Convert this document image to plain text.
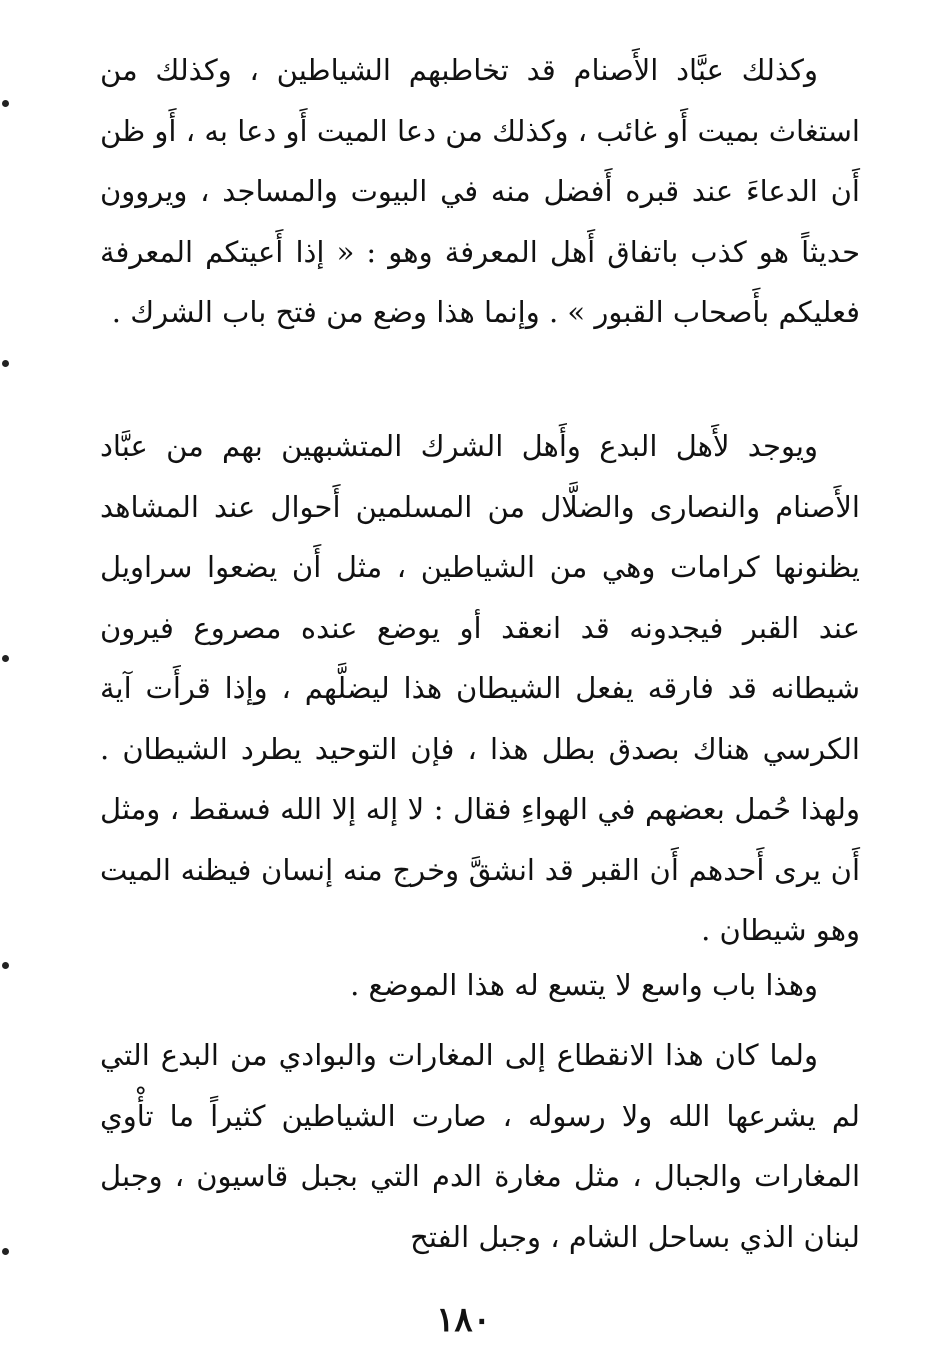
وكذلك عبَّاد الأَصنام قد تخاطبهم الشياطين ، وكذلك من استغاث بميت أَو غائب ، وكذلك من دعا الميت أَو دعا به ، أَو ظن أَن الدعاءَ عند قبره أَفضل منه في البيوت والمساجد ، ويروون حديثاً هو كذب باتفاق أَهل المعرفة وهو : « إذا أَعيتكم المعرفة فعليكم بأَصحاب القبور » . وإنما هذا وضع من فتح باب الشرك .

ويوجد لأَهل البدع وأَهل الشرك المتشبهين بهم من عبَّاد الأَصنام والنصارى والضلَّال من المسلمين أَحوال عند المشاهد يظنونها كرامات وهي من الشياطين ، مثل أَن يضعوا سراويل عند القبر فيجدونه قد انعقد أو يوضع عنده مصروع فيرون شيطانه قد فارقه يفعل الشيطان هذا ليضلَّهم ، وإذا قرأَت آية الكرسي هناك بصدق بطل هذا ، فإن التوحيد يطرد الشيطان . ولهذا حُمل بعضهم في الهواءِ فقال : لا إله إلا الله فسقط ، ومثل أَن يرى أَحدهم أَن القبر قد انشقَّ وخرج منه إنسان فيظنه الميت وهو شيطان .

وهذا باب واسع لا يتسع له هذا الموضع .

ولما كان هذا الانقطاع إلى المغارات والبوادي من البدع التي لم يشرعها الله ولا رسوله ، صارت الشياطين كثيراً ما تأْوي المغارات والجبال ، مثل مغارة الدم التي بجبل قاسيون ، وجبل لبنان الذي بساحل الشام ، وجبل الفتح

١٨٠
